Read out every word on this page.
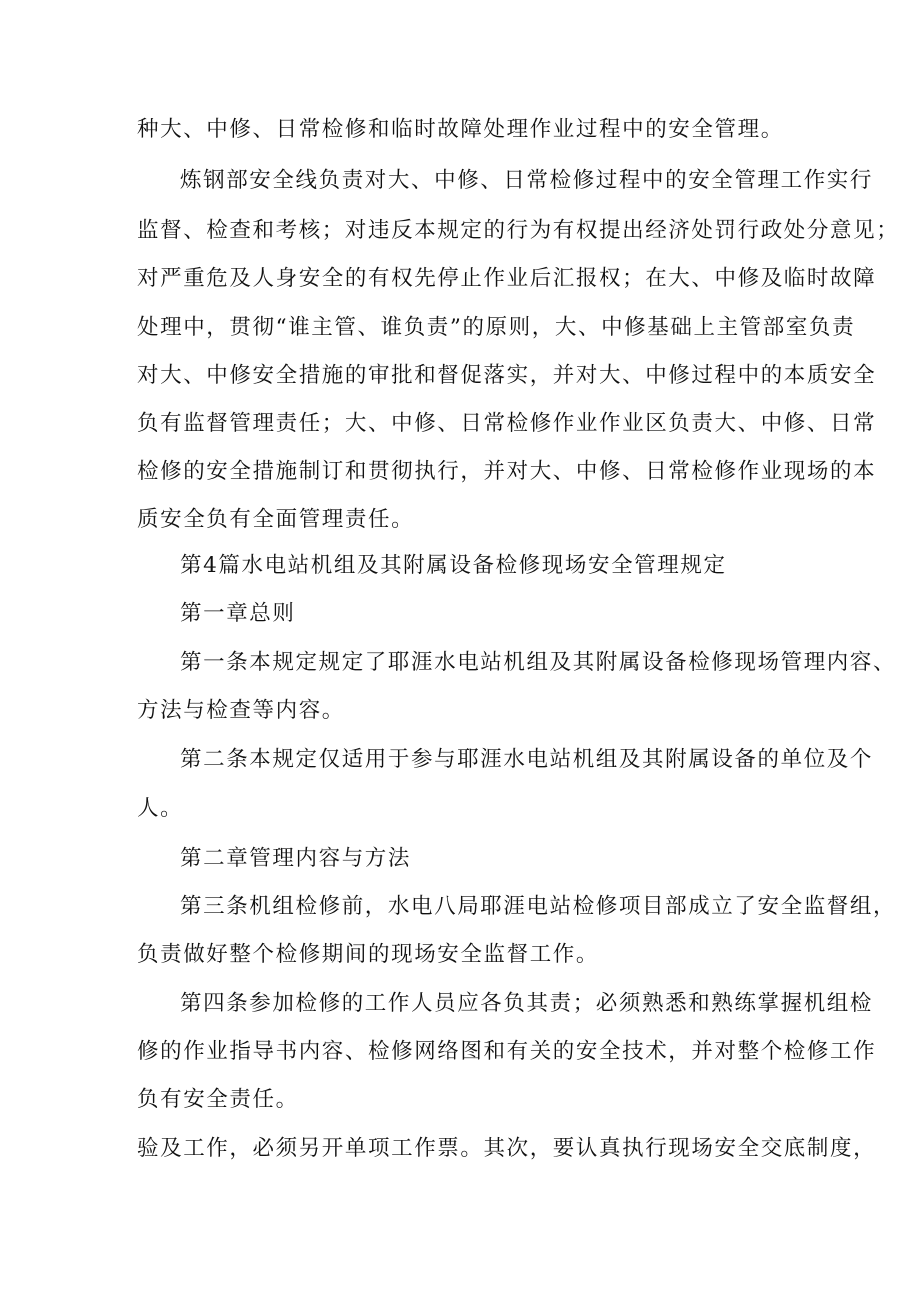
种大、中修、日常检修和临时故障处理作业过程中的安全管理。
炼钢部安全线负责对大、中修、日常检修过程中的安全管理工作实行
监督、检查和考核；对违反本规定的行为有权提出经济处罚行政处分意见；
对严重危及人身安全的有权先停止作业后汇报权；在大、中修及临时故障
处理中，贯彻“谁主管、谁负责”的原则，大、中修基础上主管部室负责
对大、中修安全措施的审批和督促落实，并对大、中修过程中的本质安全
负有监督管理责任；大、中修、日常检修作业作业区负责大、中修、日常
检修的安全措施制订和贯彻执行，并对大、中修、日常检修作业现场的本
质安全负有全面管理责任。
第4篇水电站机组及其附属设备检修现场安全管理规定
第一章总则
第一条本规定规定了耶涯水电站机组及其附属设备检修现场管理内容、
方法与检查等内容。
第二条本规定仅适用于参与耶涯水电站机组及其附属设备的单位及个
人。
第二章管理内容与方法
第三条机组检修前，水电八局耶涯电站检修项目部成立了安全监督组，
负责做好整个检修期间的现场安全监督工作。
第四条参加检修的工作人员应各负其责；必须熟悉和熟练掌握机组检
修的作业指导书内容、检修网络图和有关的安全技术，并对整个检修工作
负有安全责任。
验及工作，必须另开单项工作票。其次，要认真执行现场安全交底制度，
